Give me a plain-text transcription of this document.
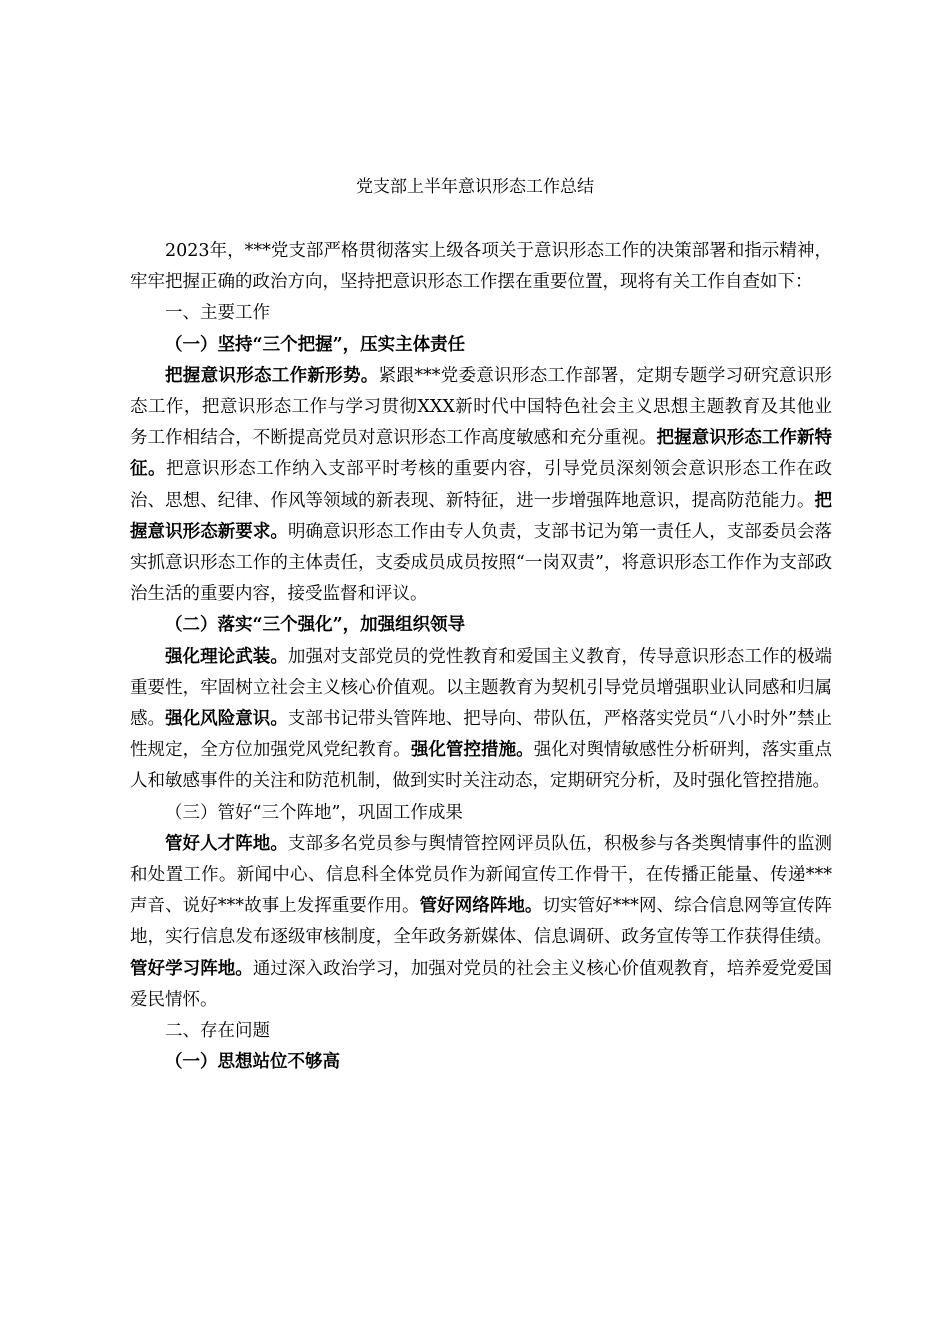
党支部上半年意识形态工作总结

2023年，***党支部严格贯彻落实上级各项关于意识形态工作的决策部署和指示精神，牢牢把握正确的政治方向，坚持把意识形态工作摆在重要位置，现将有关工作自查如下：

一、主要工作

（一）坚持“三个把握”，压实主体责任

把握意识形态工作新形势。紧跟***党委意识形态工作部署，定期专题学习研究意识形态工作，把意识形态工作与学习贯彻XXX新时代中国特色社会主义思想主题教育及其他业务工作相结合，不断提高党员对意识形态工作高度敏感和充分重视。把握意识形态工作新特征。把意识形态工作纳入支部平时考核的重要内容，引导党员深刻领会意识形态工作在政治、思想、纪律、作风等领域的新表现、新特征，进一步增强阵地意识，提高防范能力。把握意识形态新要求。明确意识形态工作由专人负责，支部书记为第一责任人，支部委员会落实抓意识形态工作的主体责任，支委成员成员按照“一岗双责”，将意识形态工作作为支部政治生活的重要内容，接受监督和评议。

（二）落实“三个强化”，加强组织领导

强化理论武装。加强对支部党员的党性教育和爱国主义教育，传导意识形态工作的极端重要性，牢固树立社会主义核心价值观。以主题教育为契机引导党员增强职业认同感和归属感。强化风险意识。支部书记带头管阵地、把导向、带队伍，严格落实党员“八小时外”禁止性规定，全方位加强党风党纪教育。强化管控措施。强化对舆情敏感性分析研判，落实重点人和敏感事件的关注和防范机制，做到实时关注动态，定期研究分析，及时强化管控措施。

（三）管好“三个阵地”，巩固工作成果

管好人才阵地。支部多名党员参与舆情管控网评员队伍，积极参与各类舆情事件的监测和处置工作。新闻中心、信息科全体党员作为新闻宣传工作骨干，在传播正能量、传递***声音、说好***故事上发挥重要作用。管好网络阵地。切实管好***网、综合信息网等宣传阵地，实行信息发布逐级审核制度，全年政务新媒体、信息调研、政务宣传等工作获得佳绩。管好学习阵地。通过深入政治学习，加强对党员的社会主义核心价值观教育，培养爱党爱国爱民情怀。

二、存在问题

（一）思想站位不够高
